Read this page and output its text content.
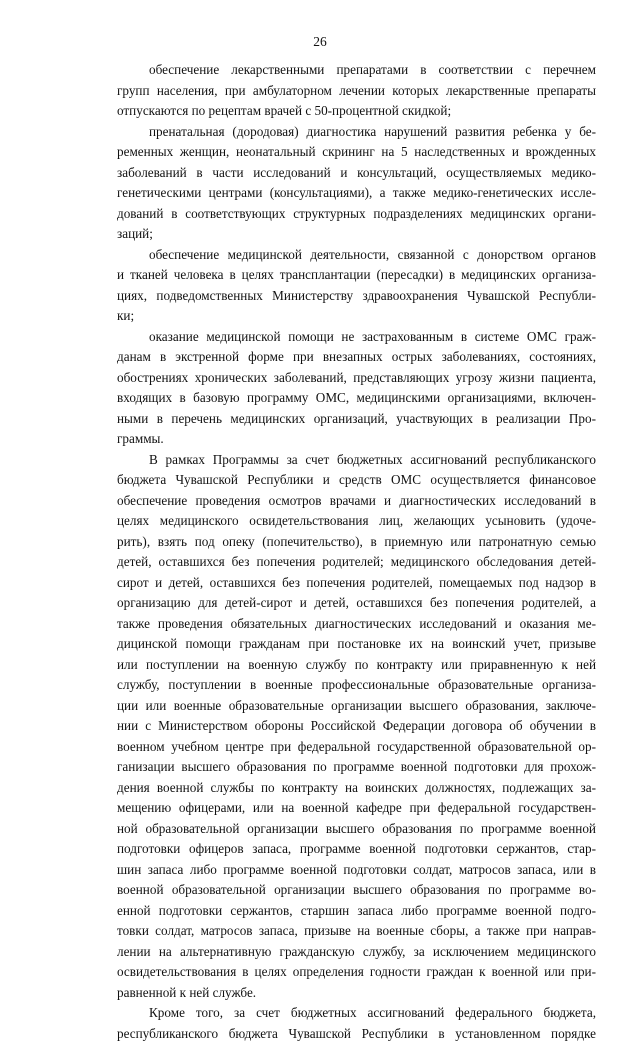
26
обеспечение лекарственными препаратами в соответствии с перечнем
групп населения, при амбулаторном лечении которых лекарственные препараты
отпускаются по рецептам врачей с 50-процентной скидкой;
пренатальная (дородовая) диагностика нарушений развития ребенка у бе-
ременных женщин, неонатальный скрининг на 5 наследственных и врожденных
заболеваний в части исследований и консультаций, осуществляемых медико-
генетическими центрами (консультациями), а также медико-генетических иссле-
дований в соответствующих структурных подразделениях медицинских органи-
заций;
обеспечение медицинской деятельности, связанной с донорством органов
и тканей человека в целях трансплантации (пересадки) в медицинских организа-
циях, подведомственных Министерству здравоохранения Чувашской Республи-
ки;
оказание медицинской помощи не застрахованным в системе ОМС граж-
данам в экстренной форме при внезапных острых заболеваниях, состояниях,
обострениях хронических заболеваний, представляющих угрозу жизни пациента,
входящих в базовую программу ОМС, медицинскими организациями, включен-
ными в перечень медицинских организаций, участвующих в реализации Про-
граммы.
В рамках Программы за счет бюджетных ассигнований республиканского
бюджета Чувашской Республики и средств ОМС осуществляется финансовое
обеспечение проведения осмотров врачами и диагностических исследований в
целях медицинского освидетельствования лиц, желающих усыновить (удоче-
рить), взять под опеку (попечительство), в приемную или патронатную семью
детей, оставшихся без попечения родителей; медицинского обследования детей-
сирот и детей, оставшихся без попечения родителей, помещаемых под надзор в
организацию для детей-сирот и детей, оставшихся без попечения родителей, а
также проведения обязательных диагностических исследований и оказания ме-
дицинской помощи гражданам при постановке их на воинский учет, призыве
или поступлении на военную службу по контракту или приравненную к ней
службу, поступлении в военные профессиональные образовательные организа-
ции или военные образовательные организации высшего образования, заключе-
нии с Министерством обороны Российской Федерации договора об обучении в
военном учебном центре при федеральной государственной образовательной ор-
ганизации высшего образования по программе военной подготовки для прохож-
дения военной службы по контракту на воинских должностях, подлежащих за-
мещению офицерами, или на военной кафедре при федеральной государствен-
ной образовательной организации высшего образования по программе военной
подготовки офицеров запаса, программе военной подготовки сержантов, стар-
шин запаса либо программе военной подготовки солдат, матросов запаса, или в
военной образовательной организации высшего образования по программе во-
енной подготовки сержантов, старшин запаса либо программе военной подго-
товки солдат, матросов запаса, призыве на военные сборы, а также при направ-
лении на альтернативную гражданскую службу, за исключением медицинского
освидетельствования в целях определения годности граждан к военной или при-
равненной к ней службе.
Кроме того, за счет бюджетных ассигнований федерального бюджета,
республиканского бюджета Чувашской Республики в установленном порядке
